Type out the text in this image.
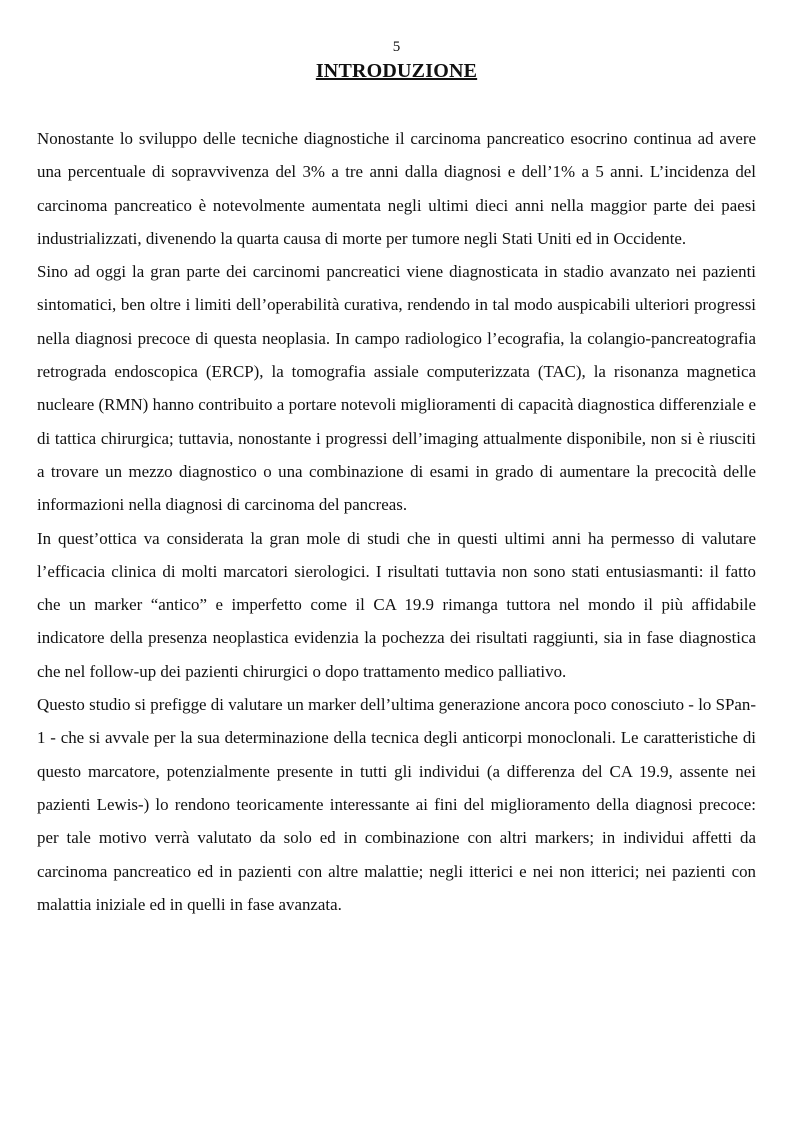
5
INTRODUZIONE

Nonostante lo sviluppo delle tecniche diagnostiche il carcinoma pancreatico esocrino continua ad avere una percentuale di sopravvivenza del 3% a tre anni dalla diagnosi e dell’1% a 5 anni. L’incidenza del carcinoma pancreatico è notevolmente aumentata negli ultimi dieci anni nella maggior parte dei paesi industrializzati, divenendo la quarta causa di morte per tumore negli Stati Uniti ed in Occidente.

Sino ad oggi la gran parte dei carcinomi pancreatici viene diagnosticata in stadio avanzato nei pazienti sintomatici, ben oltre i limiti dell’operabilità curativa, rendendo in tal modo auspicabili ulteriori progressi nella diagnosi precoce di questa neoplasia. In campo radiologico l’ecografia, la colangio-pancreatografia retrograda endoscopica (ERCP), la tomografia assiale computerizzata (TAC), la risonanza magnetica nucleare (RMN) hanno contribuito a portare notevoli miglioramenti di capacità diagnostica differenziale e di tattica chirurgica; tuttavia, nonostante i progressi dell’imaging attualmente disponibile, non si è riusciti a trovare un mezzo diagnostico o una combinazione di esami in grado di aumentare la precocità delle informazioni nella diagnosi di carcinoma del pancreas.

In quest’ottica va considerata la gran mole di studi che in questi ultimi anni ha permesso di valutare l’efficacia clinica di molti marcatori sierologici. I risultati tuttavia non sono stati entusiasmanti: il fatto che un marker “antico” e imperfetto come il CA 19.9 rimanga tuttora nel mondo il più affidabile indicatore della presenza neoplastica evidenzia la pochezza dei risultati raggiunti, sia in fase diagnostica che nel follow-up dei pazienti chirurgici o dopo trattamento medico palliativo.

Questo studio si prefigge di valutare un marker dell’ultima generazione ancora poco conosciuto - lo SPan-1 - che si avvale per la sua determinazione della tecnica degli anticorpi monoclonali. Le caratteristiche di questo marcatore, potenzialmente presente in tutti gli individui (a differenza del CA 19.9, assente nei pazienti Lewis-) lo rendono teoricamente interessante ai fini del miglioramento della diagnosi precoce: per tale motivo verrà valutato da solo ed in combinazione con altri markers; in individui affetti da carcinoma pancreatico ed in pazienti con altre malattie; negli itterici e nei non itterici; nei pazienti con malattia iniziale ed in quelli in fase avanzata.
